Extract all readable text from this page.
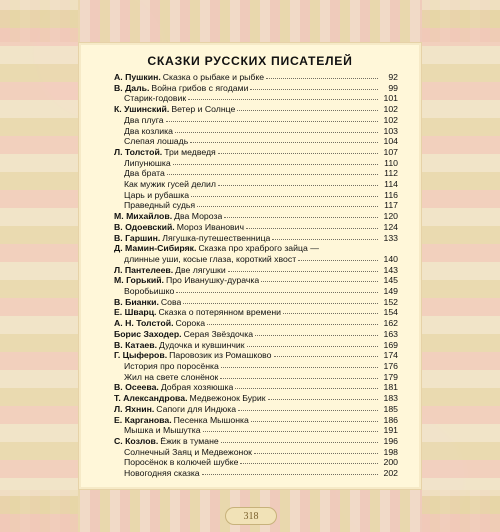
СКАЗКИ РУССКИХ ПИСАТЕЛЕЙ
А. Пушкин. Сказка о рыбаке и рыбке	92
В. Даль. Война грибов с ягодами	99
Старик-годовик	101
К. Ушинский. Ветер и Солнце	102
Два плуга	102
Два козлика	103
Слепая лошадь	104
Л. Толстой. Три медведя	107
Липунюшка	110
Два брата	112
Как мужик гусей делил	114
Царь и рубашка	116
Праведный судья	117
М. Михайлов. Два Мороза	120
В. Одоевский. Мороз Иванович	124
В. Гаршин. Лягушка-путешественница	133
Д. Мамин-Сибиряк. Сказка про храброго зайца —
длинные уши, косые глаза, короткий хвост	140
Л. Пантелеев. Две лягушки	143
М. Горький. Про Иванушку-дурачка	145
Воробьишко	149
В. Бианки. Сова	152
Е. Шварц. Сказка о потерянном времени	154
А. Н. Толстой. Сорока	162
Борис Заходер. Серая Звёздочка	163
В. Катаев. Дудочка и кувшинчик	169
Г. Цыферов. Паровозик из Ромашково	174
История про поросёнка	176
Жил на свете слонёнок	179
В. Осеева. Добрая хозяюшка	181
Т. Александрова. Медвежонок Бурик	183
Л. Яхнин. Сапоги для Индюка	185
Е. Карганова. Песенка Мышонка	186
Мышка и Мышутка	191
С. Козлов. Ёжик в тумане	196
Солнечный Заяц и Медвежонок	198
Поросёнок в колючей шубке	200
Новогодняя сказка	202
318
